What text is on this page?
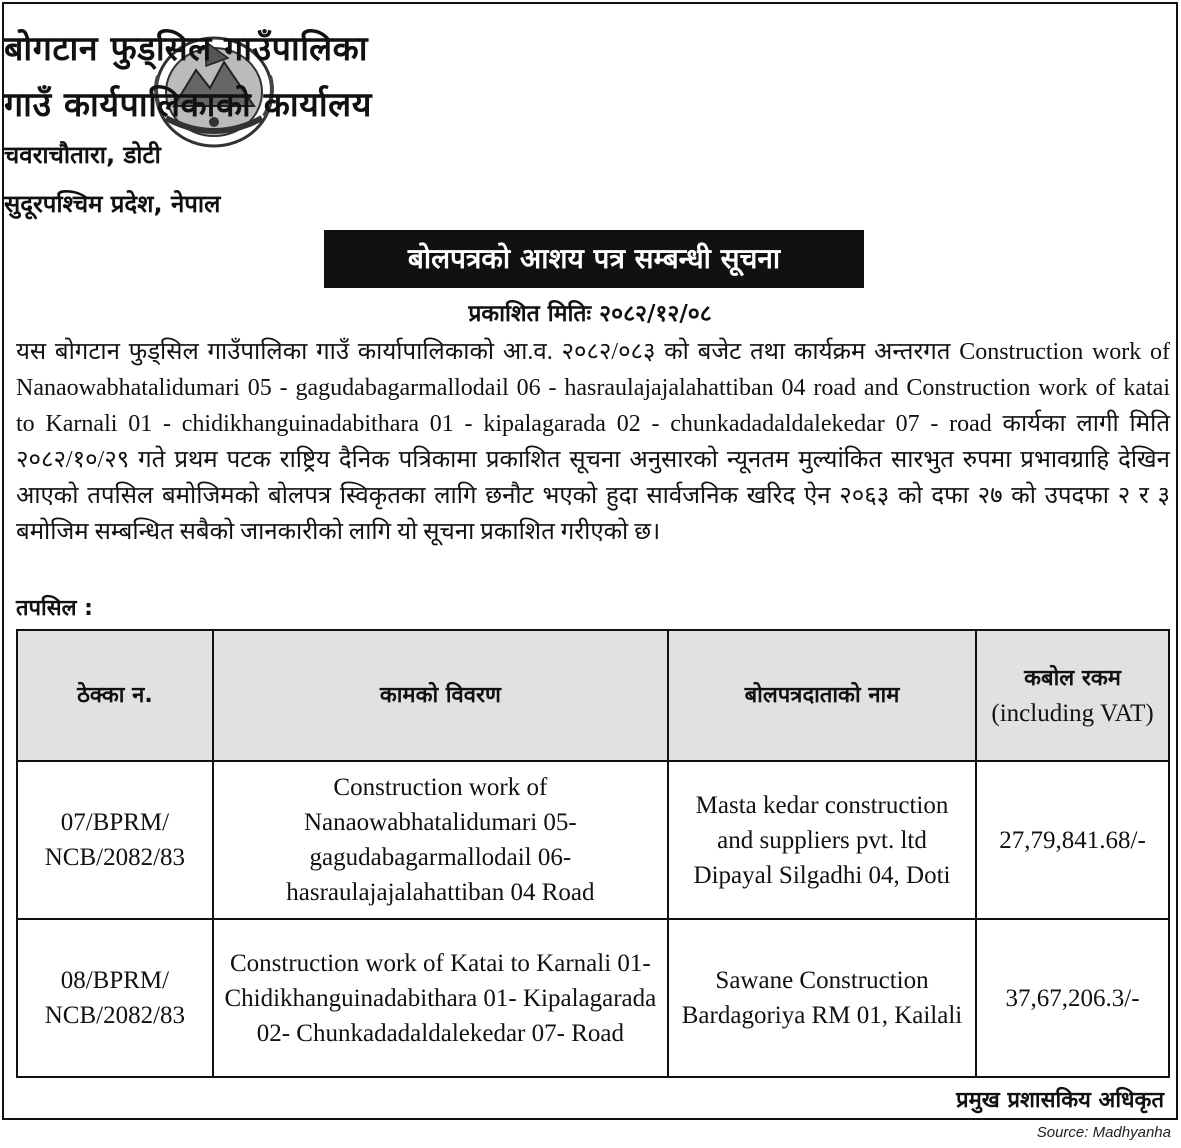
बोगटान फुड्सिल गाउँपालिका
गाउँ कार्यपालिकाको कार्यालय
चवराचौतारा, डोटी
सुदूरपश्चिम प्रदेश, नेपाल
बोलपत्रको आशय पत्र सम्बन्धी सूचना
प्रकाशित मितिः २०८२/१२/०८
यस बोगटान फुड्सिल गाउँपालिका गाउँ कार्यापालिकाको आ.व. २०८२/०८३ को बजेट तथा कार्यक्रम अन्तरगत Construction work of Nanaowabhatalidumari 05 - gagudabagarmallodail 06 - hasraulajajalahattiban 04 road and Construction work of katai to Karnali 01 - chidikhanguinadabithara 01 - kipalagarada 02 - chunkadadaldalekedar 07 - road कार्यका लागी मिति २०८२/१०/२९ गते प्रथम पटक राष्ट्रिय दैनिक पत्रिकामा प्रकाशित सूचना अनुसारको न्यूनतम मुल्यांकित सारभुत रुपमा प्रभावग्राहि देखिन आएको तपसिल बमोजिमको बोलपत्र स्विकृतका लागि छनौट भएको हुदा सार्वजनिक खरिद ऐन २०६३ को दफा २७ को उपदफा २ र ३ बमोजिम सम्बन्धित सबैको जानकारीको लागि यो सूचना प्रकाशित गरीएको छ।
तपसिल :
ठेक्का न.	कामको विवरण	बोलपत्रदाताको नाम	कबोल रकम
(including VAT)

07/BPRM/ NCB/2082/83	Construction work of Nanaowabhatalidumari 05- gagudabagarmallodail 06- hasraulajajalahattiban 04 Road	Masta kedar construction and suppliers pvt. ltd Dipayal Silgadhi 04, Doti	27,79,841.68/-
08/BPRM/ NCB/2082/83	Construction work of Katai to Karnali 01- Chidikhanguinadabithara 01- Kipalagarada 02- Chunkadadaldalekedar 07- Road	Sawane Construction Bardagoriya RM 01, Kailali	37,67,206.3/-
प्रमुख प्रशासकिय अधिकृत
Source: Madhyanha
